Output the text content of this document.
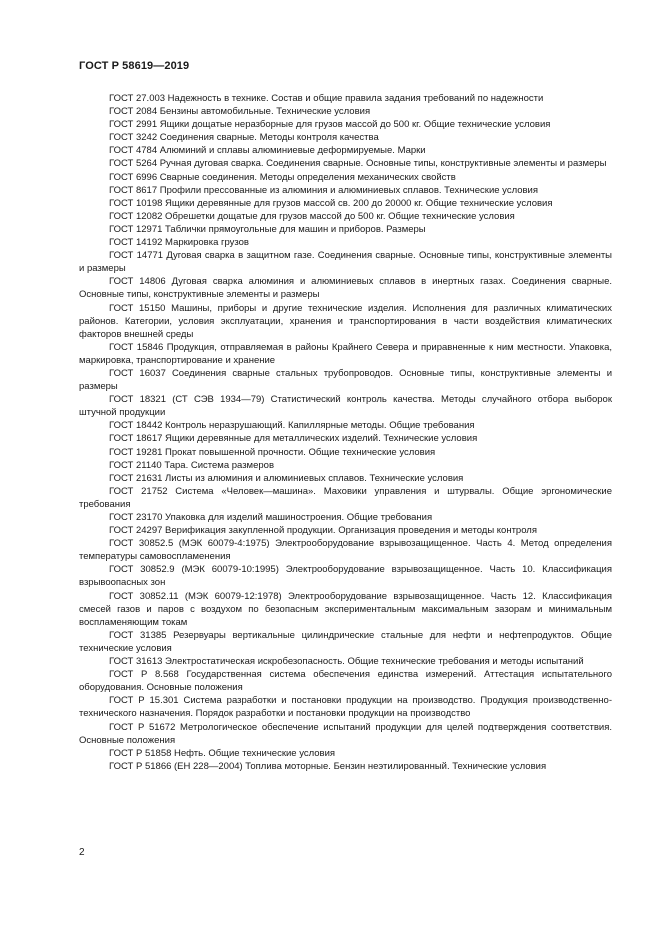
ГОСТ Р 58619—2019

ГОСТ 27.003 Надежность в технике. Состав и общие правила задания требований по надежности

ГОСТ 2084 Бензины автомобильные. Технические условия

ГОСТ 2991 Ящики дощатые неразборные для грузов массой до 500 кг. Общие технические условия

ГОСТ 3242 Соединения сварные. Методы контроля качества

ГОСТ 4784 Алюминий и сплавы алюминиевые деформируемые. Марки

ГОСТ 5264 Ручная дуговая сварка. Соединения сварные. Основные типы, конструктивные элементы и размеры

ГОСТ 6996 Сварные соединения. Методы определения механических свойств

ГОСТ 8617 Профили прессованные из алюминия и алюминиевых сплавов. Технические условия

ГОСТ 10198 Ящики деревянные для грузов массой св. 200 до 20000 кг. Общие технические условия

ГОСТ 12082 Обрешетки дощатые для грузов массой до 500 кг. Общие технические условия

ГОСТ 12971 Таблички прямоугольные для машин и приборов. Размеры

ГОСТ 14192 Маркировка грузов

ГОСТ 14771 Дуговая сварка в защитном газе. Соединения сварные. Основные типы, конструктивные элементы и размеры

ГОСТ 14806 Дуговая сварка алюминия и алюминиевых сплавов в инертных газах. Соединения сварные. Основные типы, конструктивные элементы и размеры

ГОСТ 15150 Машины, приборы и другие технические изделия. Исполнения для различных климатических районов. Категории, условия эксплуатации, хранения и транспортирования в части воздействия климатических факторов внешней среды

ГОСТ 15846 Продукция, отправляемая в районы Крайнего Севера и приравненные к ним местности. Упаковка, маркировка, транспортирование и хранение

ГОСТ 16037 Соединения сварные стальных трубопроводов. Основные типы, конструктивные элементы и размеры

ГОСТ 18321 (СТ СЭВ 1934—79) Статистический контроль качества. Методы случайного отбора выборок штучной продукции

ГОСТ 18442 Контроль неразрушающий. Капиллярные методы. Общие требования

ГОСТ 18617 Ящики деревянные для металлических изделий. Технические условия

ГОСТ 19281 Прокат повышенной прочности. Общие технические условия

ГОСТ 21140 Тара. Система размеров

ГОСТ 21631 Листы из алюминия и алюминиевых сплавов. Технические условия

ГОСТ 21752 Система «Человек—машина». Маховики управления и штурвалы. Общие эргономические требования

ГОСТ 23170 Упаковка для изделий машиностроения. Общие требования

ГОСТ 24297 Верификация закупленной продукции. Организация проведения и методы контроля

ГОСТ 30852.5 (МЭК 60079-4:1975) Электрооборудование взрывозащищенное. Часть 4. Метод определения температуры самовоспламенения

ГОСТ 30852.9 (МЭК 60079-10:1995) Электрооборудование взрывозащищенное. Часть 10. Классификация взрывоопасных зон

ГОСТ 30852.11 (МЭК 60079-12:1978) Электрооборудование взрывозащищенное. Часть 12. Классификация смесей газов и паров с воздухом по безопасным экспериментальным максимальным зазорам и минимальным воспламеняющим токам

ГОСТ 31385 Резервуары вертикальные цилиндрические стальные для нефти и нефтепродуктов. Общие технические условия

ГОСТ 31613 Электростатическая искробезопасность. Общие технические требования и методы испытаний

ГОСТ Р 8.568 Государственная система обеспечения единства измерений. Аттестация испытательного оборудования. Основные положения

ГОСТ Р 15.301 Система разработки и постановки продукции на производство. Продукция производственно-технического назначения. Порядок разработки и постановки продукции на производство

ГОСТ Р 51672 Метрологическое обеспечение испытаний продукции для целей подтверждения соответствия. Основные положения

ГОСТ Р 51858 Нефть. Общие технические условия

ГОСТ Р 51866 (ЕН 228—2004) Топлива моторные. Бензин неэтилированный. Технические условия

2
